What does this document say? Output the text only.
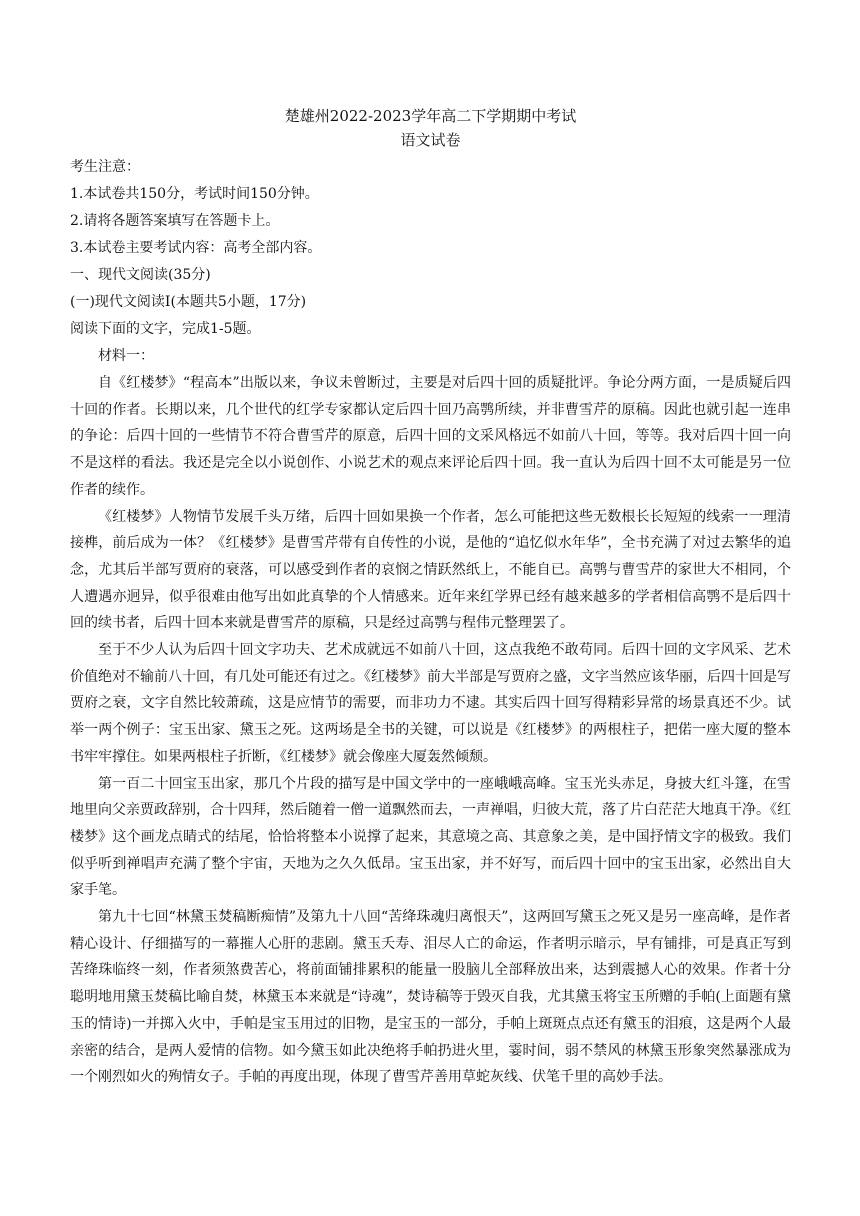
楚雄州2022-2023学年高二下学期期中考试

语文试卷

考生注意：

1.本试卷共150分，考试时间150分钟。

2.请将各题答案填写在答题卡上。

3.本试卷主要考试内容：高考全部内容。

一、现代文阅读(35分)

(一)现代文阅读Ⅰ(本题共5小题，17分)

阅读下面的文字，完成1-5题。

材料一：

自《红楼梦》“程高本”出版以来，争议未曾断过，主要是对后四十回的质疑批评。争论分两方面，一是质疑后四十回的作者。长期以来，几个世代的红学专家都认定后四十回乃高鹗所续，并非曹雪芹的原稿。因此也就引起一连串的争论：后四十回的一些情节不符合曹雪芹的原意，后四十回的文采风格远不如前八十回，等等。我对后四十回一向不是这样的看法。我还是完全以小说创作、小说艺术的观点来评论后四十回。我一直认为后四十回不太可能是另一位作者的续作。

《红楼梦》人物情节发展千头万绪，后四十回如果换一个作者，怎么可能把这些无数根长长短短的线索一一理清接榫，前后成为一体？《红楼梦》是曹雪芹带有自传性的小说，是他的“追忆似水年华”，全书充满了对过去繁华的追念，尤其后半部写贾府的衰落，可以感受到作者的哀悯之情跃然纸上，不能自已。高鹗与曹雪芹的家世大不相同，个人遭遇亦迥异，似乎很难由他写出如此真挚的个人情感来。近年来红学界已经有越来越多的学者相信高鹗不是后四十回的续书者，后四十回本来就是曹雪芹的原稿，只是经过高鹗与程伟元整理罢了。

至于不少人认为后四十回文字功夫、艺术成就远不如前八十回，这点我绝不敢苟同。后四十回的文字风采、艺术价值绝对不输前八十回，有几处可能还有过之。《红楼梦》前大半部是写贾府之盛，文字当然应该华丽，后四十回是写贾府之衰，文字自然比较萧疏，这是应情节的需要，而非功力不逮。其实后四十回写得精彩异常的场景真还不少。试举一两个例子：宝玉出家、黛玉之死。这两场是全书的关键，可以说是《红楼梦》的两根柱子，把偌一座大厦的整本书牢牢撑住。如果两根柱子折断，《红楼梦》就会像座大厦轰然倾颓。

第一百二十回宝玉出家，那几个片段的描写是中国文学中的一座峨峨高峰。宝玉光头赤足，身披大红斗篷，在雪地里向父亲贾政辞别，合十四拜，然后随着一僧一道飘然而去，一声禅唱，归彼大荒，落了片白茫茫大地真干净。《红楼梦》这个画龙点睛式的结尾，恰恰将整本小说撑了起来，其意境之高、其意象之美，是中国抒情文字的极致。我们似乎听到禅唱声充满了整个宇宙，天地为之久久低昂。宝玉出家，并不好写，而后四十回中的宝玉出家，必然出自大家手笔。

第九十七回“林黛玉焚稿断痴情”及第九十八回“苦绛珠魂归离恨天”，这两回写黛玉之死又是另一座高峰，是作者精心设计、仔细描写的一幕摧人心肝的悲剧。黛玉夭寿、泪尽人亡的命运，作者明示暗示，早有铺排，可是真正写到苦绛珠临终一刻，作者须煞费苦心，将前面铺排累积的能量一股脑儿全部释放出来，达到震撼人心的效果。作者十分聪明地用黛玉焚稿比喻自焚，林黛玉本来就是“诗魂”，焚诗稿等于毁灭自我，尤其黛玉将宝玉所赠的手帕(上面题有黛玉的情诗)一并掷入火中，手帕是宝玉用过的旧物，是宝玉的一部分，手帕上斑斑点点还有黛玉的泪痕，这是两个人最亲密的结合，是两人爱情的信物。如今黛玉如此决绝将手帕扔进火里，霎时间，弱不禁风的林黛玉形象突然暴涨成为一个刚烈如火的殉情女子。手帕的再度出现，体现了曹雪芹善用草蛇灰线、伏笔千里的高妙手法。
